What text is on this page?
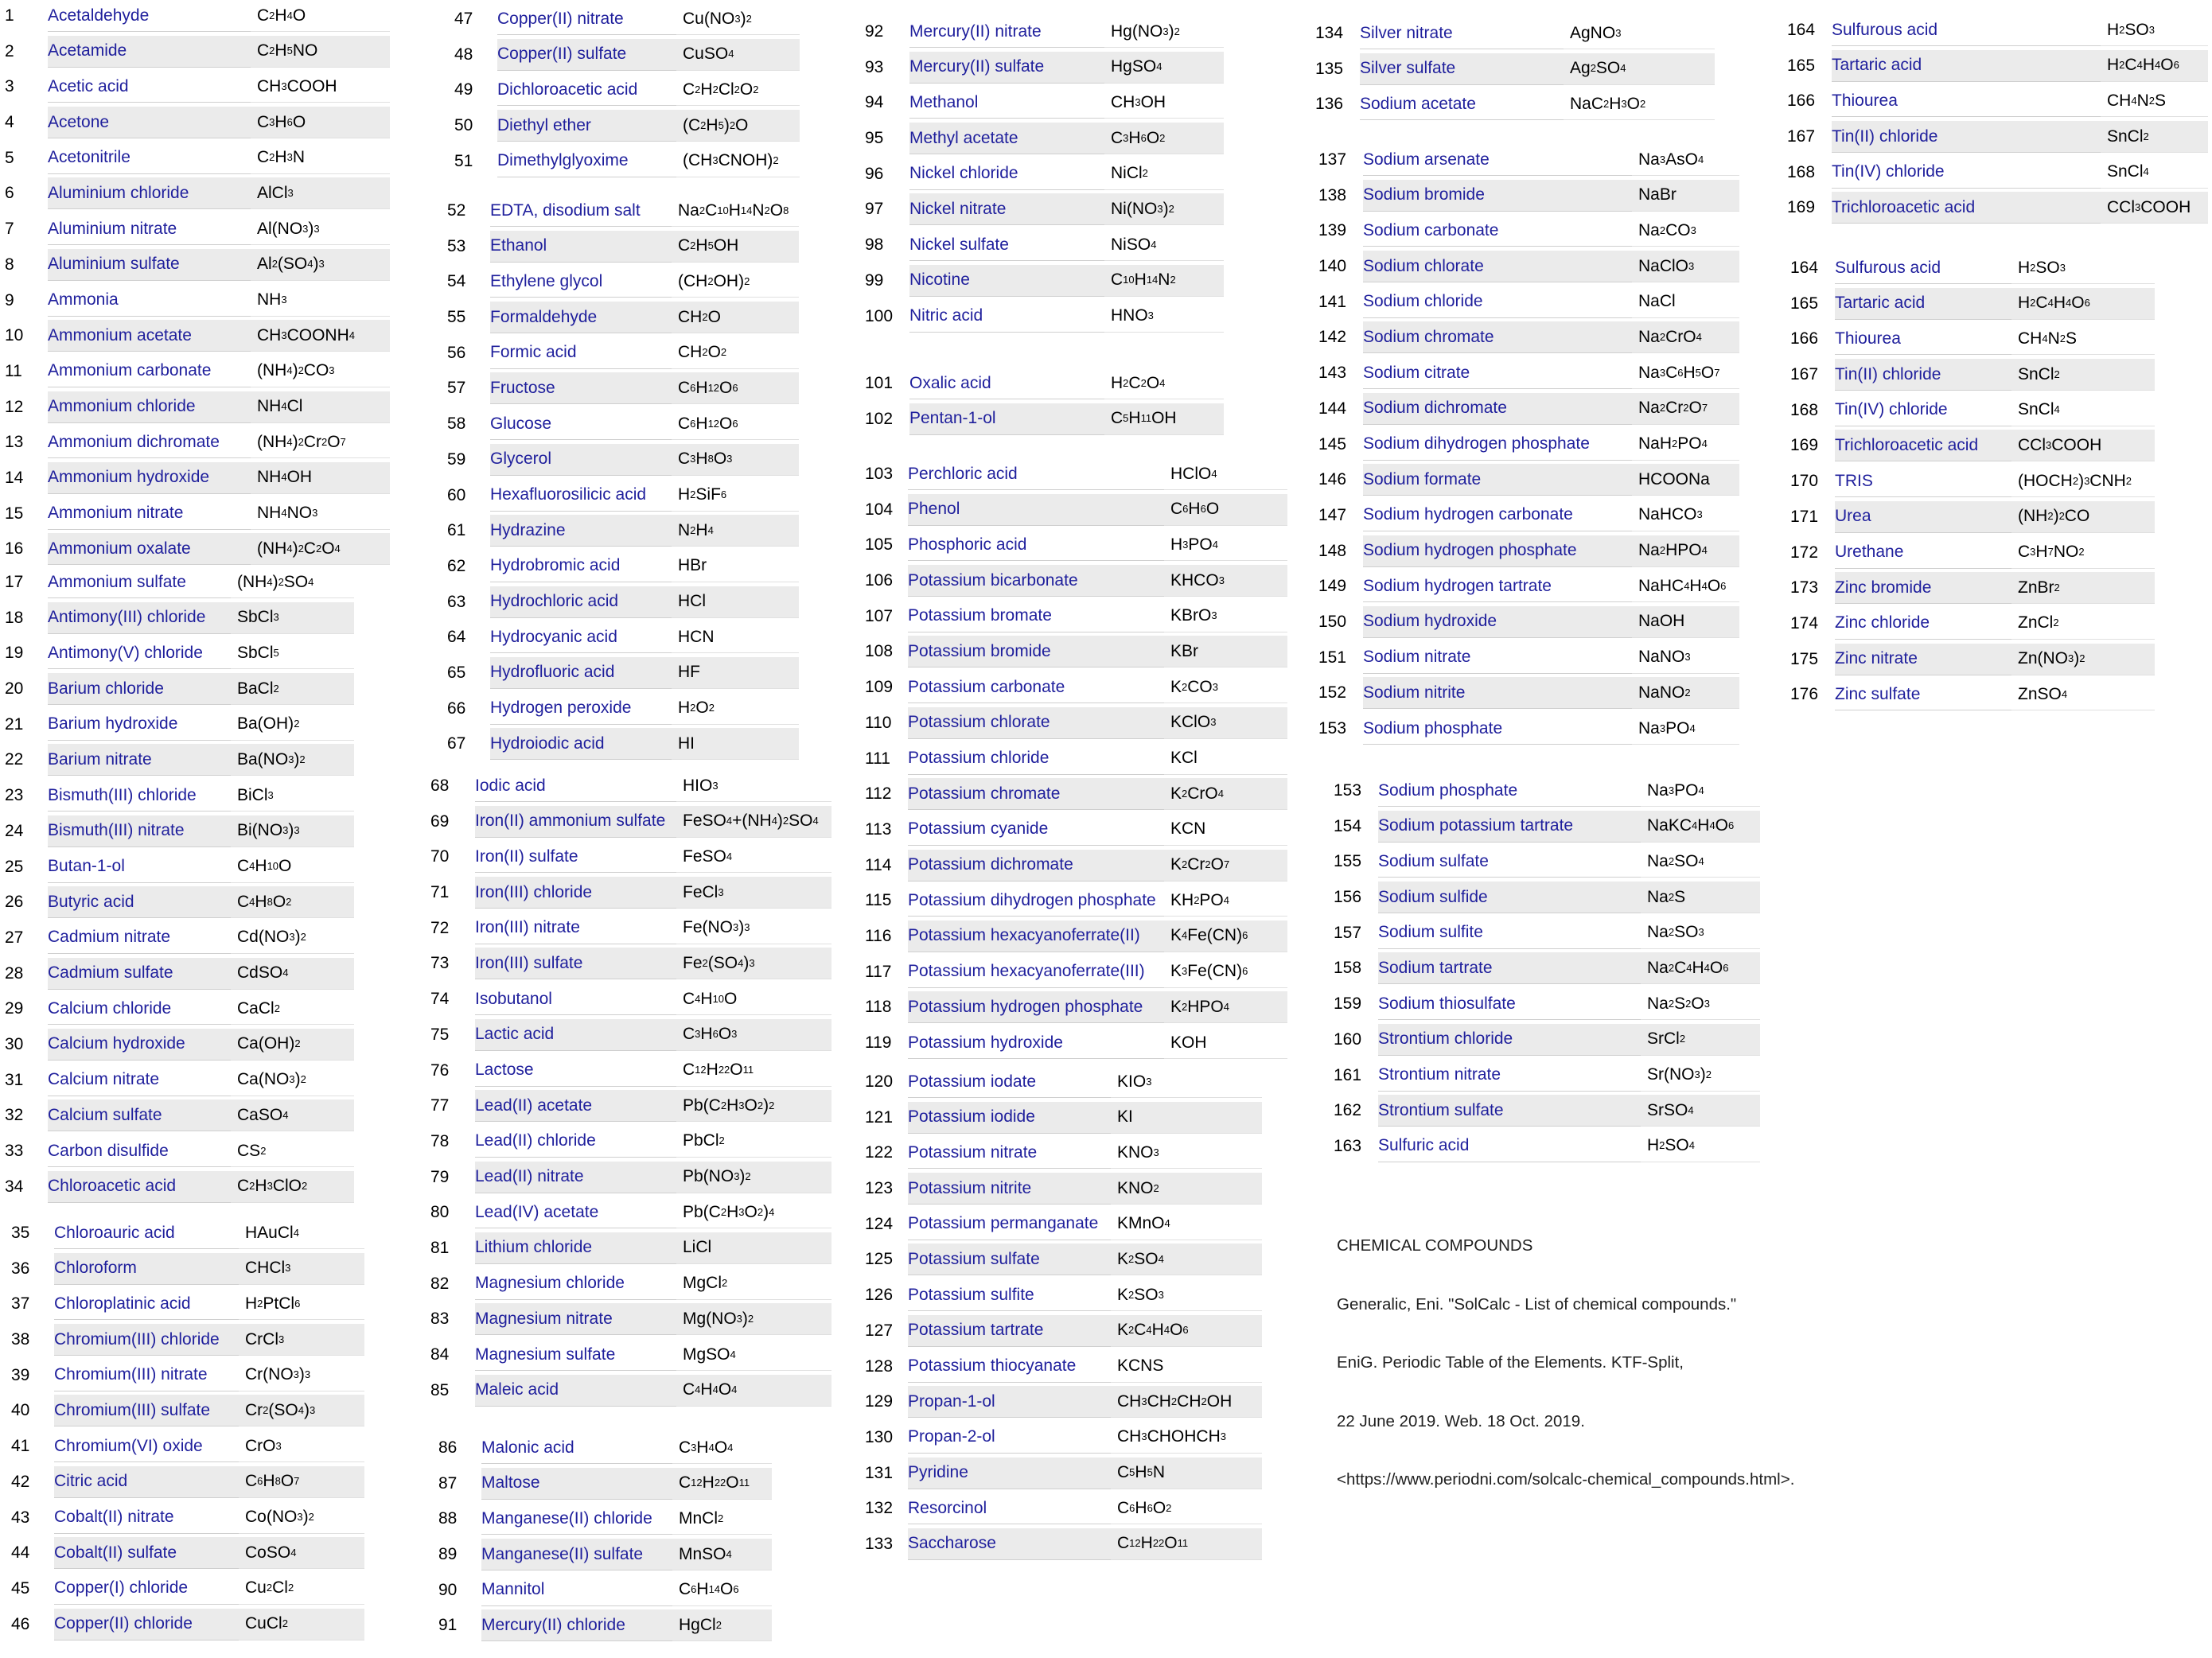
1	Acetaldehyde	C 2 H 4 O
2	Acetamide	C 2 H 5 NO
3	Acetic acid	CH 3 COOH
4	Acetone	C 3 H 6 O
5	Acetonitrile	C 2 H 3 N
6	Aluminium chloride	AlCl 3
7	Aluminium nitrate	Al(NO 3 ) 3
8	Aluminium sulfate	Al 2 (SO 4 ) 3
9	Ammonia	NH 3
10	Ammonium acetate	CH 3 COONH 4
11	Ammonium carbonate	(NH 4 ) 2 CO 3
12	Ammonium chloride	NH 4 Cl
13	Ammonium dichromate	(NH 4 ) 2 Cr 2 O 7
14	Ammonium hydroxide	NH 4 OH
15	Ammonium nitrate	NH 4 NO 3
16	Ammonium oxalate	(NH 4 ) 2 C 2 O 4
17	Ammonium sulfate	(NH 4 ) 2 SO 4
18	Antimony(III) chloride	SbCl 3
19	Antimony(V) chloride	SbCl 5
20	Barium chloride	BaCl 2
21	Barium hydroxide	Ba(OH) 2
22	Barium nitrate	Ba(NO 3 ) 2
23	Bismuth(III) chloride	BiCl 3
24	Bismuth(III) nitrate	Bi(NO 3 ) 3
25	Butan-1-ol	C 4 H 10 O
26	Butyric acid	C 4 H 8 O 2
27	Cadmium nitrate	Cd(NO 3 ) 2
28	Cadmium sulfate	CdSO 4
29	Calcium chloride	CaCl 2
30	Calcium hydroxide	Ca(OH) 2
31	Calcium nitrate	Ca(NO 3 ) 2
32	Calcium sulfate	CaSO 4
33	Carbon disulfide	CS 2
34	Chloroacetic acid	C 2 H 3 ClO 2
35	Chloroauric acid	HAuCl 4
36	Chloroform	CHCl 3
37	Chloroplatinic acid	H 2 PtCl 6
38	Chromium(III) chloride	CrCl 3
39	Chromium(III) nitrate	Cr(NO 3 ) 3
40	Chromium(III) sulfate	Cr 2 (SO 4 ) 3
41	Chromium(VI) oxide	CrO 3
42	Citric acid	C 6 H 8 O 7
43	Cobalt(II) nitrate	Co(NO 3 ) 2
44	Cobalt(II) sulfate	CoSO 4
45	Copper(I) chloride	Cu 2 Cl 2
46	Copper(II) chloride	CuCl 2
47	Copper(II) nitrate	Cu(NO 3 ) 2
48	Copper(II) sulfate	CuSO 4
49	Dichloroacetic acid	C 2 H 2 Cl 2 O 2
50	Diethyl ether	(C 2 H 5 ) 2 O
51	Dimethylglyoxime	(CH 3 CNOH) 2
52	EDTA, disodium salt	Na 2 C 10 H 14 N 2 O 8
53	Ethanol	C 2 H 5 OH
54	Ethylene glycol	(CH 2 OH) 2
55	Formaldehyde	CH 2 O
56	Formic acid	CH 2 O 2
57	Fructose	C 6 H 12 O 6
58	Glucose	C 6 H 12 O 6
59	Glycerol	C 3 H 8 O 3
60	Hexafluorosilicic acid	H 2 SiF 6
61	Hydrazine	N 2 H 4
62	Hydrobromic acid	HBr
63	Hydrochloric acid	HCl
64	Hydrocyanic acid	HCN
65	Hydrofluoric acid	HF
66	Hydrogen peroxide	H 2 O 2
67	Hydroiodic acid	HI
68	Iodic acid	HIO 3
69	Iron(II) ammonium sulfate	FeSO 4 +(NH 4 ) 2 SO 4
70	Iron(II) sulfate	FeSO 4
71	Iron(III) chloride	FeCl 3
72	Iron(III) nitrate	Fe(NO 3 ) 3
73	Iron(III) sulfate	Fe 2 (SO 4 ) 3
74	Isobutanol	C 4 H 10 O
75	Lactic acid	C 3 H 6 O 3
76	Lactose	C 12 H 22 O 11
77	Lead(II) acetate	Pb(C 2 H 3 O 2 ) 2
78	Lead(II) chloride	PbCl 2
79	Lead(II) nitrate	Pb(NO 3 ) 2
80	Lead(IV) acetate	Pb(C 2 H 3 O 2 ) 4
81	Lithium chloride	LiCl
82	Magnesium chloride	MgCl 2
83	Magnesium nitrate	Mg(NO 3 ) 2
84	Magnesium sulfate	MgSO 4
85	Maleic acid	C 4 H 4 O 4
86	Malonic acid	C 3 H 4 O 4
87	Maltose	C 12 H 22 O 11
88	Manganese(II) chloride	MnCl 2
89	Manganese(II) sulfate	MnSO 4
90	Mannitol	C 6 H 14 O 6
91	Mercury(II) chloride	HgCl 2
92	Mercury(II) nitrate	Hg(NO 3 ) 2
93	Mercury(II) sulfate	HgSO 4
94	Methanol	CH 3 OH
95	Methyl acetate	C 3 H 6 O 2
96	Nickel chloride	NiCl 2
97	Nickel nitrate	Ni(NO 3 ) 2
98	Nickel sulfate	NiSO 4
99	Nicotine	C 10 H 14 N 2
100 Nitric acid	HNO 3
101 Oxalic acid	H 2 C 2 O 4
102 Pentan-1-ol	C 5 H 11 OH
103 Perchloric acid	HClO 4
104 Phenol	C 6 H 6 O
105 Phosphoric acid	H 3 PO 4
106 Potassium bicarbonate	KHCO 3
107 Potassium bromate	KBrO 3
108 Potassium bromide	KBr
109 Potassium carbonate	K 2 CO 3
110 Potassium chlorate	KClO 3
111	Potassium chloride	KCl
112 Potassium chromate	K 2 CrO 4
113 Potassium cyanide	KCN
114 Potassium dichromate	K 2 Cr 2 O 7
115 Potassium dihydrogen phosphate KH 2 PO 4
116 Potassium hexacyanoferrate(II)	K 4 Fe(CN) 6
117 Potassium hexacyanoferrate(III)	K 3 Fe(CN) 6
118 Potassium hydrogen phosphate	K 2 HPO 4
119 Potassium hydroxide	KOH
120 Potassium iodate	KIO 3
121 Potassium iodide	KI
122 Potassium nitrate	KNO 3
123 Potassium nitrite	KNO 2
124 Potassium permanganate	KMnO 4
125 Potassium sulfate	K 2 SO 4
126 Potassium sulfite	K 2 SO 3
127 Potassium tartrate	K 2 C 4 H 4 O 6
128 Potassium thiocyanate	KCNS
129 Propan-1-ol	CH 3 CH 2 CH 2 OH
130 Propan-2-ol	CH 3 CHOHCH 3
131 Pyridine	C 5 H 5 N
132 Resorcinol	C 6 H 6 O 2
133 Saccharose	C 12 H 22 O 11
134 Silver nitrate	AgNO 3
135 Silver sulfate	Ag 2 SO 4
136 Sodium acetate	NaC 2 H 3 O 2
137 Sodium arsenate	Na 3 AsO 4
138 Sodium bromide	NaBr
139 Sodium carbonate	Na 2 CO 3
140 Sodium chlorate	NaClO 3
141 Sodium chloride	NaCl
142 Sodium chromate	Na 2 CrO 4
143 Sodium citrate	Na 3 C 6 H 5 O 7
144 Sodium dichromate	Na 2 Cr 2 O 7
145 Sodium dihydrogen phosphate	NaH 2 PO 4
146 Sodium formate	HCOONa
147 Sodium hydrogen carbonate	NaHCO 3
148 Sodium hydrogen phosphate	Na 2 HPO 4
149 Sodium hydrogen tartrate	NaHC 4 H 4 O 6
150 Sodium hydroxide	NaOH
151 Sodium nitrate	NaNO 3
152 Sodium nitrite	NaNO 2
153 Sodium phosphate	Na 3 PO 4
153 Sodium phosphate	Na 3 PO 4
154 Sodium potassium tartrate	NaKC 4 H 4 O 6
155 Sodium sulfate	Na 2 SO 4
156 Sodium sulfide	Na 2 S
157 Sodium sulfite	Na 2 SO 3
158 Sodium tartrate	Na 2 C 4 H 4 O 6
159 Sodium thiosulfate	Na 2 S 2 O 3
160 Strontium chloride	SrCl 2
161 Strontium nitrate	Sr(NO 3 ) 2
162 Strontium sulfate	SrSO 4
163 Sulfuric acid	H 2 SO 4
164 Sulfurous acid	H 2 SO 3
165 Tartaric acid	H 2 C 4 H 4 O 6
166 Thiourea	CH 4 N 2 S
167 Tin(II) chloride	SnCl 2
168 Tin(IV) chloride	SnCl 4
169 Trichloroacetic acid	CCl 3 COOH
164 Sulfurous acid	H 2 SO 3
165 Tartaric acid	H 2 C 4 H 4 O 6
166 Thiourea	CH 4 N 2 S
167 Tin(II) chloride	SnCl 2
168 Tin(IV) chloride	SnCl 4
169 Trichloroacetic acid	CCl 3 COOH
170 TRIS	(HOCH 2 ) 3 CNH 2
171 Urea	(NH 2 ) 2 CO
172 Urethane	C 3 H 7 NO 2
173 Zinc bromide	ZnBr 2
174 Zinc chloride	ZnCl 2
175 Zinc nitrate	Zn(NO 3 ) 2
176 Zinc sulfate	ZnSO 4

CHEMICAL COMPOUNDS

Generalic, Eni. "SolCalc - List of chemical compounds."

EniG. Periodic Table of the Elements. KTF-Split,

22 June 2019. Web. 18 Oct. 2019.

<https://www.periodni.com/solcalc-chemical_compounds.html>.
